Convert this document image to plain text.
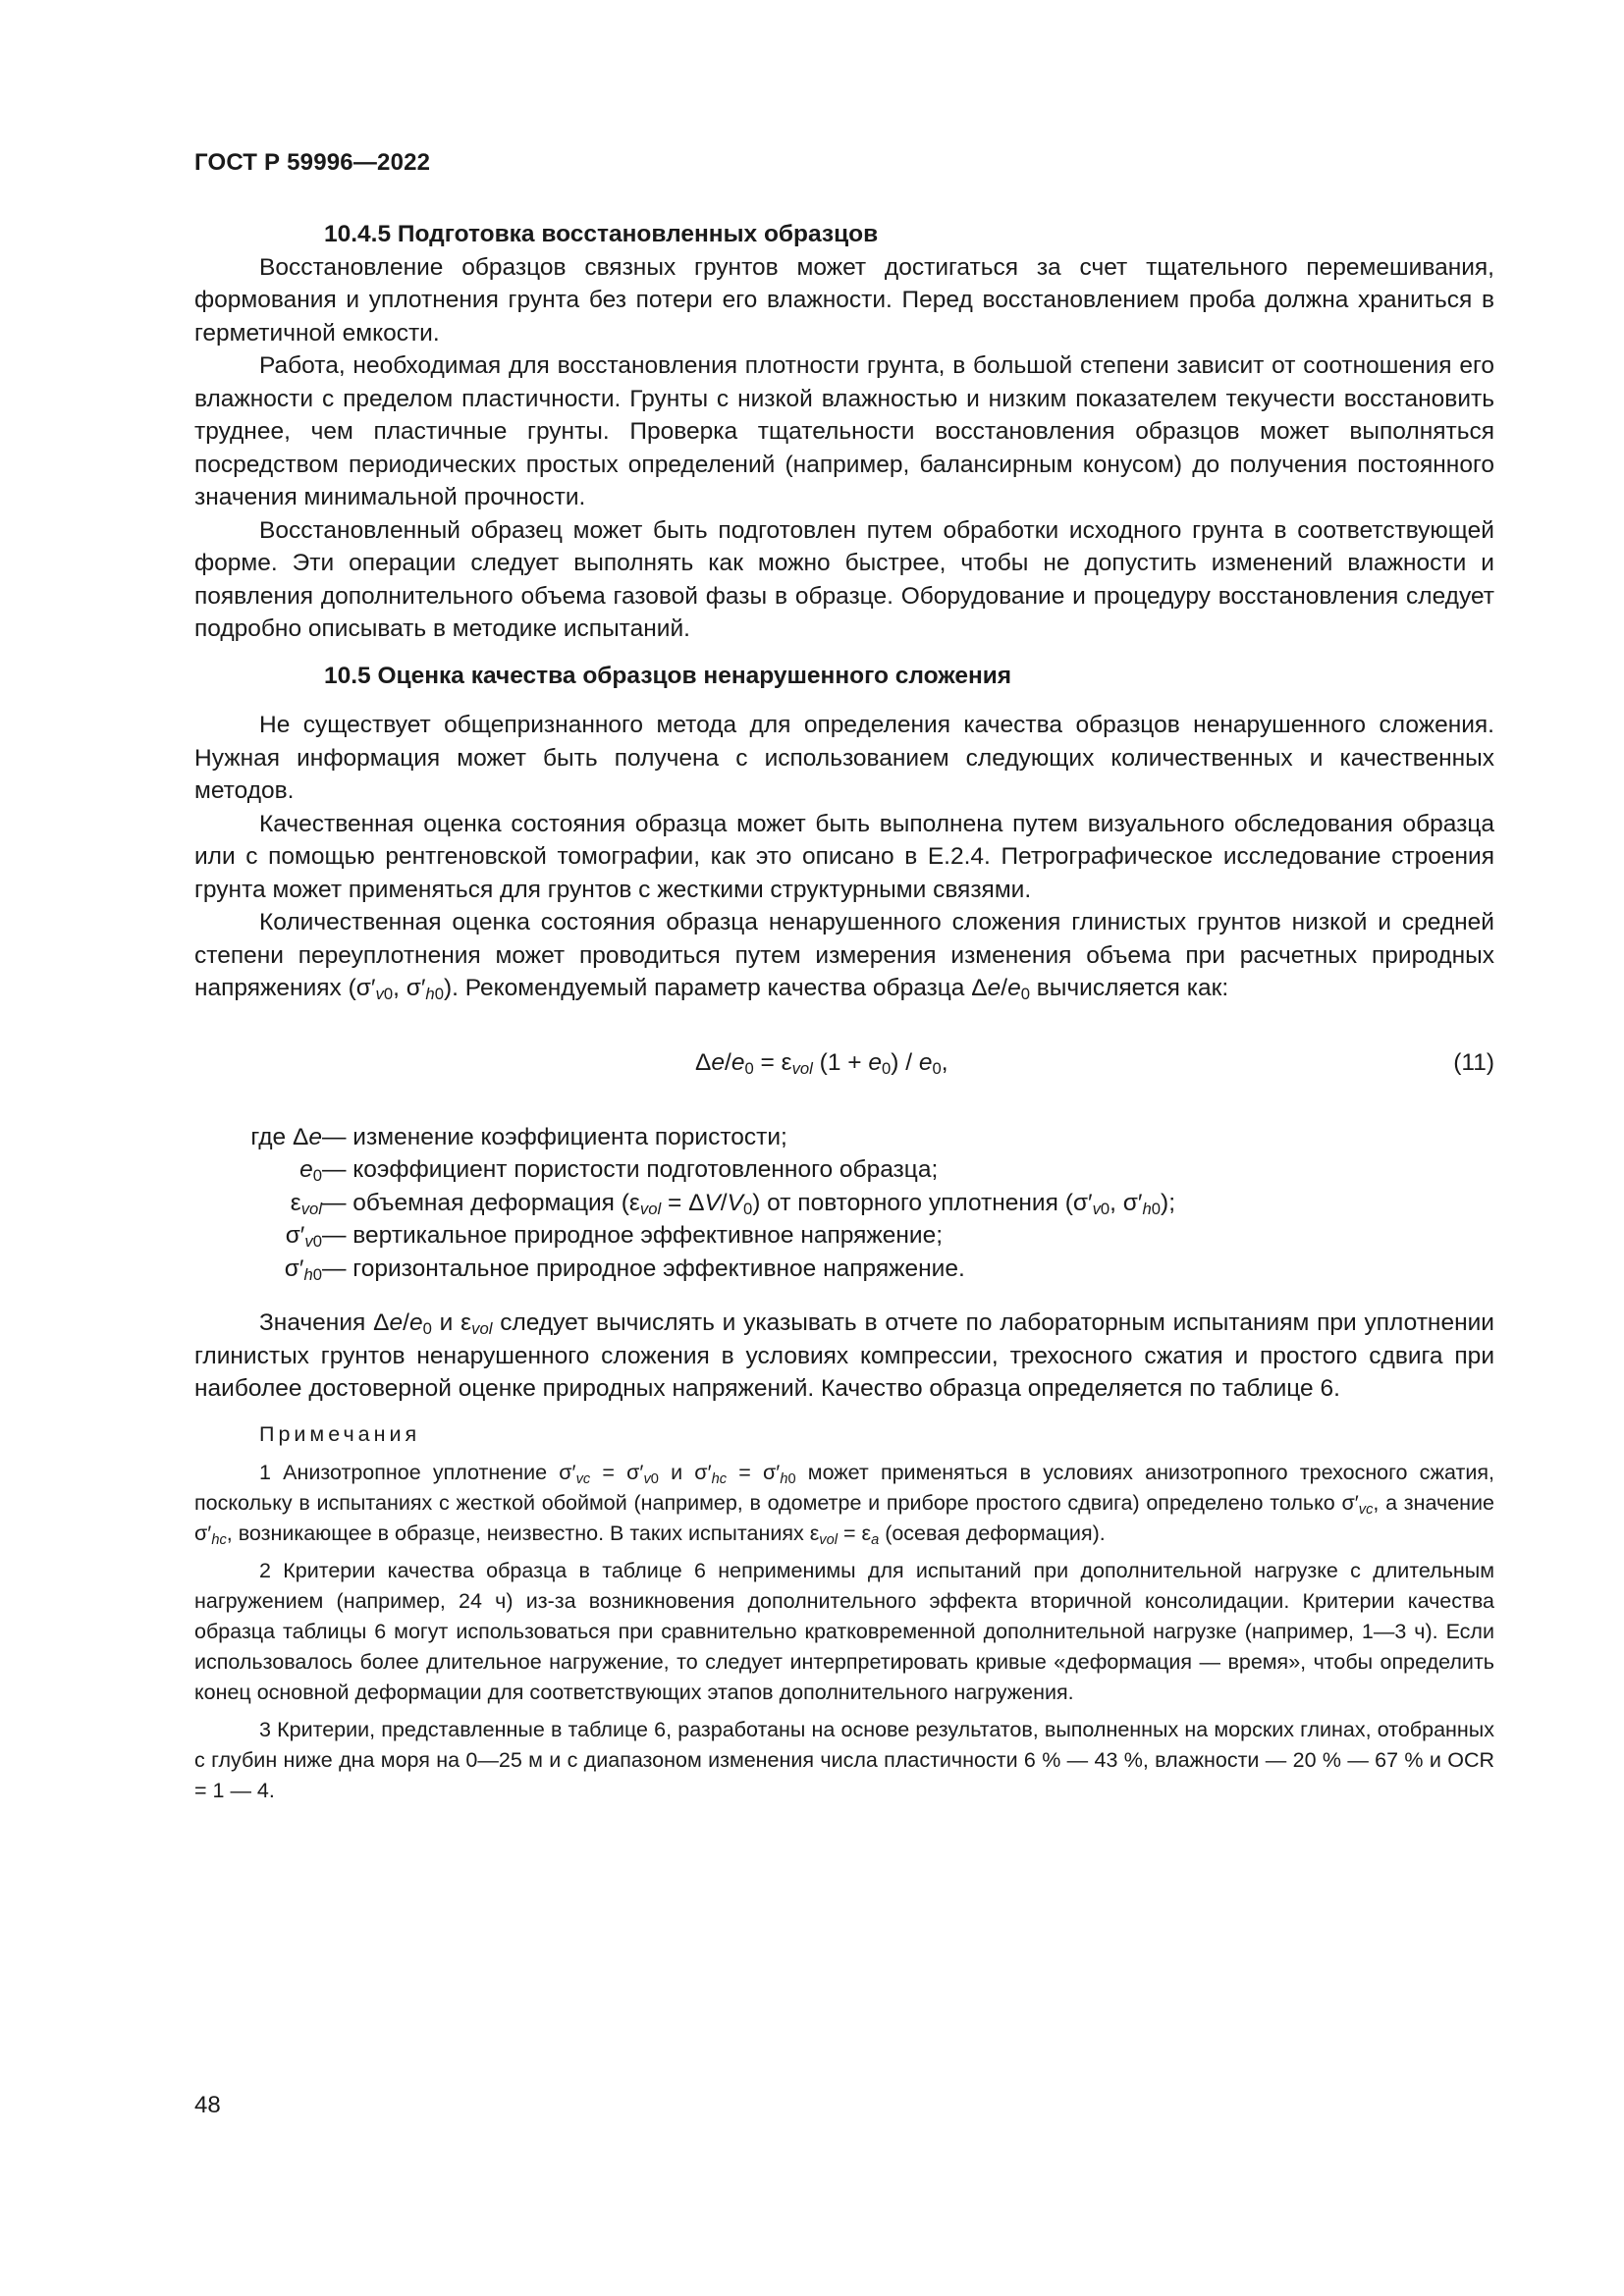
ГОСТ Р 59996—2022

10.4.5 Подготовка восстановленных образцов

Восстановление образцов связных грунтов может достигаться за счет тщательного перемешивания, формования и уплотнения грунта без потери его влажности. Перед восстановлением проба должна храниться в герметичной емкости.

Работа, необходимая для восстановления плотности грунта, в большой степени зависит от соотношения его влажности с пределом пластичности. Грунты с низкой влажностью и низким показателем текучести восстановить труднее, чем пластичные грунты. Проверка тщательности восстановления образцов может выполняться посредством периодических простых определений (например, балансирным конусом) до получения постоянного значения минимальной прочности.

Восстановленный образец может быть подготовлен путем обработки исходного грунта в соответствующей форме. Эти операции следует выполнять как можно быстрее, чтобы не допустить изменений влажности и появления дополнительного объема газовой фазы в образце. Оборудование и процедуру восстановления следует подробно описывать в методике испытаний.

10.5 Оценка качества образцов ненарушенного сложения

Не существует общепризнанного метода для определения качества образцов ненарушенного сложения. Нужная информация может быть получена с использованием следующих количественных и качественных методов.

Качественная оценка состояния образца может быть выполнена путем визуального обследования образца или с помощью рентгеновской томографии, как это описано в Е.2.4. Петрографическое исследование строения грунта может применяться для грунтов с жесткими структурными связями.

Количественная оценка состояния образца ненарушенного сложения глинистых грунтов низкой и средней степени переуплотнения может проводиться путем измерения изменения объема при расчетных природных напряжениях ($\sigma'_{v0}$, $\sigma'_{h0}$). Рекомендуемый параметр качества образца $\Delta e/e_0$ вычисляется как:

$\Delta e/e_0 = \varepsilon_{vol}$ $(1 + e_0) / e_0$,	(11)
где Δe — изменение коэффициента пористости;
$e_0$ — коэффициент пористости подготовленного образца;
$\varepsilon_{vol}$ — объемная деформация $(\varepsilon_{vol} = \Delta V/V_0)$ от повторного уплотнения ($\sigma'_{v0}$, $\sigma'_{h0}$);
$\sigma'_{v0}$ — вертикальное природное эффективное напряжение;
$\sigma'_{h0}$ — горизонтальное природное эффективное напряжение.

Значения $\Delta e/e_0$ и $\varepsilon_{vol}$ следует вычислять и указывать в отчете по лабораторным испытаниям при уплотнении глинистых грунтов ненарушенного сложения в условиях компрессии, трехосного сжатия и простого сдвига при наиболее достоверной оценке природных напряжений. Качество образца определяется по таблице 6.

Примечания

1 Анизотропное уплотнение $\sigma'_{vc} = \sigma'_{v0}$ и $\sigma'_{hc} = \sigma'_{h0}$ может применяться в условиях анизотропного трехосного сжатия, поскольку в испытаниях с жесткой обоймой (например, в одометре и приборе простого сдвига) определено только $\sigma'_{vc}$, а значение $\sigma'_{hc}$, возникающее в образце, неизвестно. В таких испытаниях $\varepsilon_{vol} = \varepsilon_a$ (осевая деформация).

2 Критерии качества образца в таблице 6 неприменимы для испытаний при дополнительной нагрузке с длительным нагружением (например, 24 ч) из-за возникновения дополнительного эффекта вторичной консолидации. Критерии качества образца таблицы 6 могут использоваться при сравнительно кратковременной дополнительной нагрузке (например, 1—3 ч). Если использовалось более длительное нагружение, то следует интерпретировать кривые «деформация — время», чтобы определить конец основной деформации для соответствующих этапов дополнительного нагружения.

3 Критерии, представленные в таблице 6, разработаны на основе результатов, выполненных на морских глинах, отобранных с глубин ниже дна моря на 0—25 м и с диапазоном изменения числа пластичности 6 % — 43 %, влажности — 20 % — 67 % и OCR = 1 — 4.

48
